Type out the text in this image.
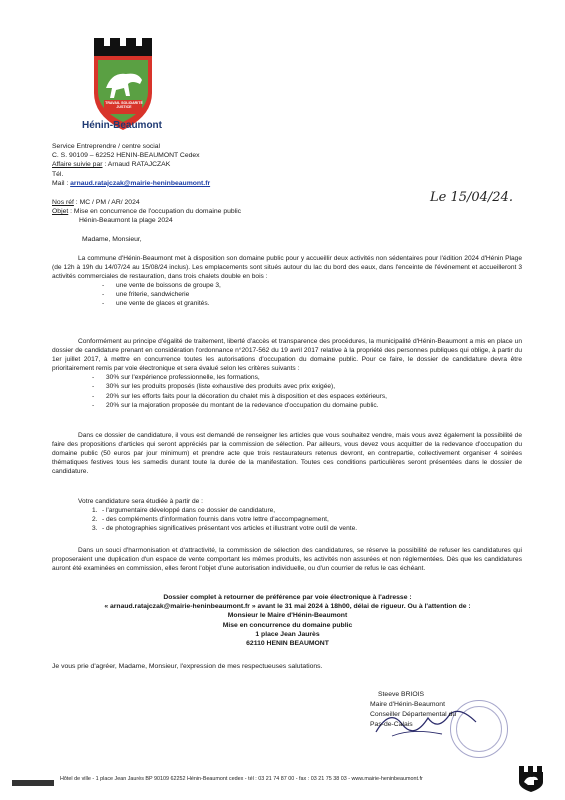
TRAVAIL SOLIDARITÉ JUSTICE
Hénin-Beaumont
Service Entreprendre / centre social
C. S. 90109 – 62252 HENIN-BEAUMONT Cedex
Affaire suivie par : Arnaud RATAJCZAK
Tél.
Mail : arnaud.ratajczak@mairie-heninbeaumont.fr
Nos réf : MC / PM / AR/ 2024
Objet : Mise en concurrence de l'occupation du domaine public
Hénin-Beaumont la plage 2024
Le 15/04/24.
Madame, Monsieur,

La commune d'Hénin-Beaumont met à disposition son domaine public pour y accueillir deux activités non sédentaires pour l'édition 2024 d'Hénin Plage (de 12h à 19h du 14/07/24 au 15/08/24 inclus). Les emplacements sont situés autour du lac du bord des eaux, dans l'enceinte de l'événement et accueilleront 3 activités commerciales de restauration, dans trois chalets double en bois :

- une vente de boissons de groupe 3,
- une friterie, sandwicherie
- une vente de glaces et granités.

Conformément au principe d'égalité de traitement, liberté d'accès et transparence des procédures, la municipalité d'Hénin-Beaumont a mis en place un dossier de candidature prenant en considération l'ordonnance n°2017-562 du 19 avril 2017 relative à la propriété des personnes publiques qui oblige, à partir du 1er juillet 2017, à mettre en concurrence toutes les autorisations d'occupation du domaine public. Pour ce faire, le dossier de candidature devra être prioritairement remis par voie électronique et sera évalué selon les critères suivants :

- 30% sur l'expérience professionnelle, les formations,
- 30% sur les produits proposés (liste exhaustive des produits avec prix exigée),
- 20% sur les efforts faits pour la décoration du chalet mis à disposition et des espaces extérieurs,
- 20% sur la majoration proposée du montant de la redevance d'occupation du domaine public.

Dans ce dossier de candidature, il vous est demandé de renseigner les articles que vous souhaitez vendre, mais vous avez également la possibilité de faire des propositions d'articles qui seront appréciés par la commission de sélection. Par ailleurs, vous devez vous acquitter de la redevance d'occupation du domaine public (50 euros par jour minimum) et prendre acte que trois restaurateurs retenus devront, en contrepartie, collectivement organiser 4 soirées thématiques festives tous les samedis durant toute la durée de la manifestation. Toutes ces conditions particulières seront présentées dans le dossier de candidature.

Votre candidature sera étudiée à partir de :

- 1. l'argumentaire développé dans ce dossier de candidature,
- 2. des compléments d'information fournis dans votre lettre d'accompagnement,
- 3. de photographies significatives présentant vos articles et illustrant votre outil de vente.

Dans un souci d'harmonisation et d'attractivité, la commission de sélection des candidatures, se réserve la possibilité de refuser les candidatures qui proposeraient une duplication d'un espace de vente comportant les mêmes produits, les activités non assurées et non réglementées. Dès que les candidatures auront été examinées en commission, elles feront l'objet d'une autorisation individuelle, ou d'un courrier de refus le cas échéant.

Dossier complet à retourner de préférence par voie électronique à l'adresse :
« arnaud.ratajczak@mairie-heninbeaumont.fr » avant le 31 mai 2024 à 18h00, délai de rigueur. Ou à l'attention de :
Monsieur le Maire d'Hénin-Beaumont
Mise en concurrence du domaine public
1 place Jean Jaurès
62110 HENIN BEAUMONT
Je vous prie d'agréer, Madame, Monsieur, l'expression de mes respectueuses salutations.
Steeve BRIOIS
Maire d'Hénin-Beaumont
Conseiller Départemental du
Pas-de-Calais
Hôtel de ville - 1 place Jean Jaurès BP 90109 62252 Hénin-Beaumont cedex - tél : 03 21 74 87 00 - fax : 03 21 75 38 03 - www.mairie-heninbeaumont.fr
